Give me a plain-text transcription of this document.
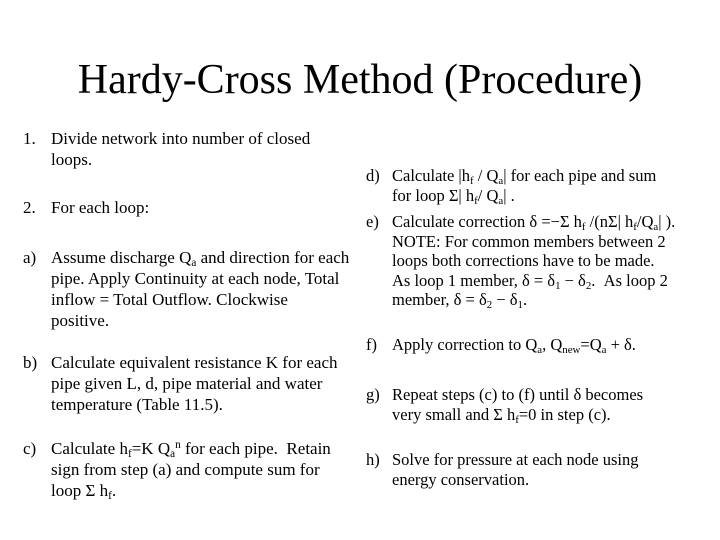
Hardy-Cross Method (Procedure)
1. Divide network into number of closed
loops.
2. For each loop:
a) Assume discharge $Q_a$ and direction for each
pipe. Apply Continuity at each node, Total
inflow = Total Outflow. Clockwise
positive.
b) Calculate equivalent resistance K for each
pipe given L, d, pipe material and water
temperature (Table 11.5).
c) Calculate $h_f=K$ $Q_a^n$ for each pipe.  Retain
sign from step (a) and compute sum for
loop Σ $h_f$.
d) Calculate $|h_f / Q_a|$ for each pipe and sum
for loop Σ| $h_f/$ $Q_a|$ .
e) Calculate correction δ =−Σ $h_f$ /(nΣ| $h_f/Q_a|$ ).
NOTE: For common members between 2
loops both corrections have to be made.
As loop 1 member, $\delta = \delta_1 - \delta_2$.  As loop 2
member, $\delta = \delta_2 - \delta_1$.
f) Apply correction to $Q_a$, $Q_{new}=Q_a + \delta$.
g) Repeat steps (c) to (f) until δ becomes
very small and Σ $h_f=0$ in step (c).
h) Solve for pressure at each node using
energy conservation.
